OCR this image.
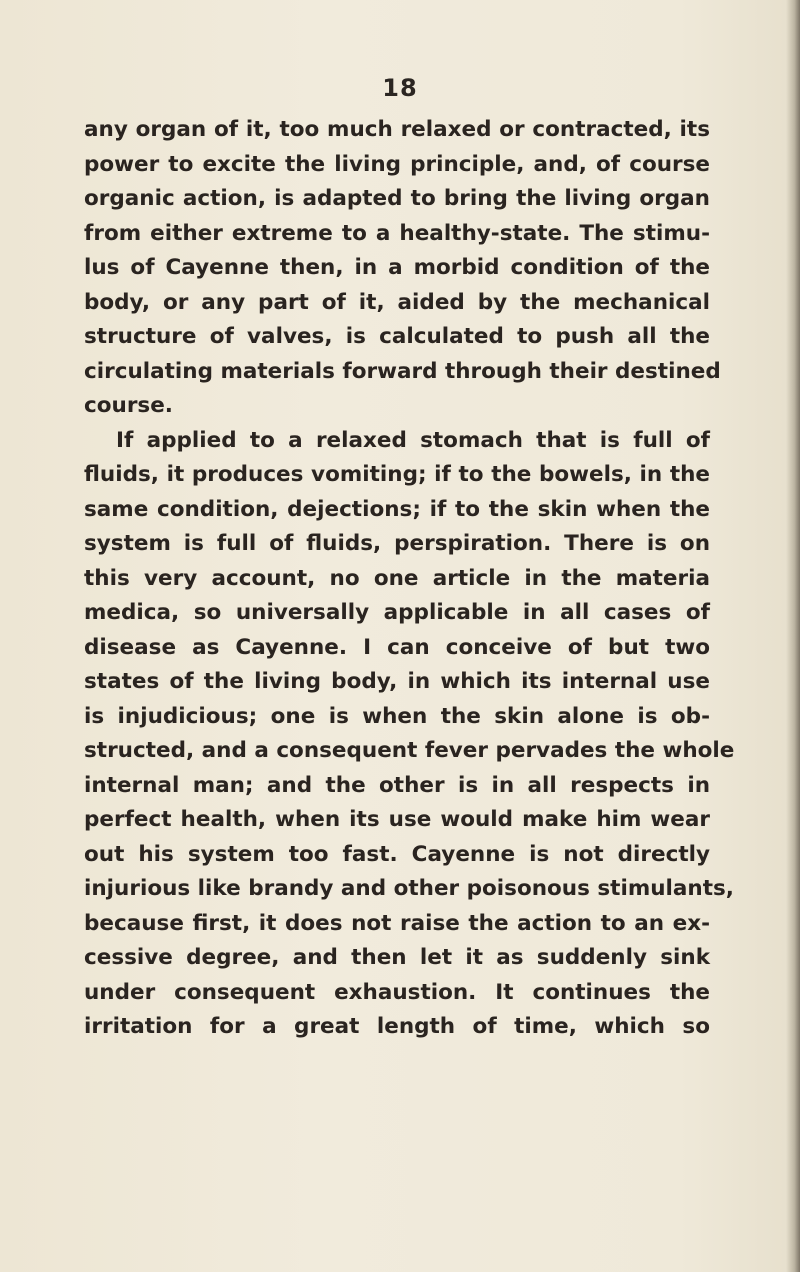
18
any organ of it, too much relaxed or contracted, its
power to excite the living principle, and, of course
organic action, is adapted to bring the living organ
from either extreme to a healthy-state. The stimu-
lus of Cayenne then, in a morbid condition of the
body, or any part of it, aided by the mechanical
structure of valves, is calculated to push all the
circulating materials forward through their destined
course.
If applied to a relaxed stomach that is full of
fluids, it produces vomiting; if to the bowels, in the
same condition, dejections; if to the skin when the
system is full of fluids, perspiration. There is on
this very account, no one article in the materia
medica, so universally applicable in all cases of
disease as Cayenne. I can conceive of but two
states of the living body, in which its internal use
is injudicious; one is when the skin alone is ob-
structed, and a consequent fever pervades the whole
internal man; and the other is in all respects in
perfect health, when its use would make him wear
out his system too fast. Cayenne is not directly
injurious like brandy and other poisonous stimulants,
because first, it does not raise the action to an ex-
cessive degree, and then let it as suddenly sink
under consequent exhaustion. It continues the
irritation for a great length of time, which so
